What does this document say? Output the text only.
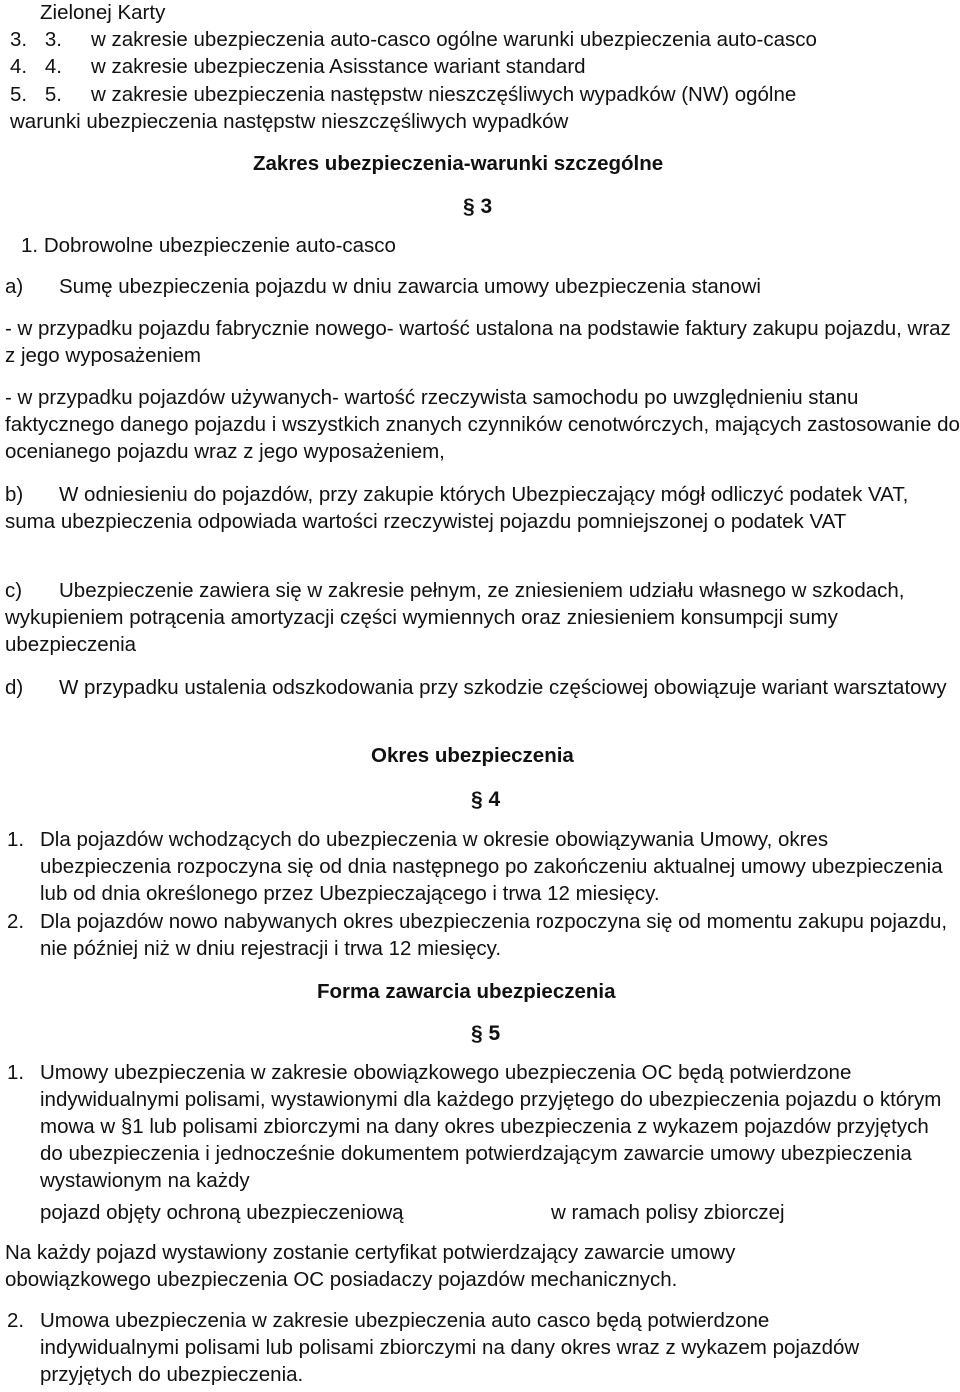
Zielonej Karty
3. 3. w zakresie ubezpieczenia auto-casco ogólne warunki ubezpieczenia auto-casco
4. 4. w zakresie ubezpieczenia Asisstance wariant standard
5. 5. w zakresie ubezpieczenia następstw nieszczęśliwych wypadków (NW) ogólne
warunki ubezpieczenia następstw nieszczęśliwych wypadków
Zakres ubezpieczenia-warunki szczególne
§ 3
1. Dobrowolne ubezpieczenie auto-casco
a) Sumę ubezpieczenia pojazdu w dniu zawarcia umowy ubezpieczenia stanowi
- w przypadku pojazdu fabrycznie nowego- wartość ustalona na podstawie faktury zakupu pojazdu, wraz z jego wyposażeniem
- w przypadku pojazdów używanych- wartość rzeczywista samochodu po uwzględnieniu stanu faktycznego danego pojazdu i wszystkich znanych czynników cenotwórczych, mających zastosowanie do ocenianego pojazdu wraz z jego wyposażeniem,
b) W odniesieniu do pojazdów, przy zakupie których Ubezpieczający mógł odliczyć podatek VAT, suma ubezpieczenia odpowiada wartości rzeczywistej pojazdu pomniejszonej o podatek VAT
c) Ubezpieczenie zawiera się w zakresie pełnym, ze zniesieniem udziału własnego w szkodach, wykupieniem potrącenia amortyzacji części wymiennych oraz zniesieniem konsumpcji sumy ubezpieczenia
d) W przypadku ustalenia odszkodowania przy szkodzie częściowej obowiązuje wariant warsztatowy
Okres ubezpieczenia
§ 4
1. Dla pojazdów wchodzących do ubezpieczenia w okresie obowiązywania Umowy, okres ubezpieczenia rozpoczyna się od dnia następnego po zakończeniu aktualnej umowy ubezpieczenia lub od dnia określonego przez Ubezpieczającego i trwa 12 miesięcy.
2. Dla pojazdów nowo nabywanych okres ubezpieczenia rozpoczyna się od momentu zakupu pojazdu, nie później niż w dniu rejestracji i trwa 12 miesięcy.
Forma zawarcia ubezpieczenia
§ 5
1. Umowy ubezpieczenia w zakresie obowiązkowego ubezpieczenia OC będą potwierdzone indywidualnymi polisami, wystawionymi dla każdego przyjętego do ubezpieczenia pojazdu o którym mowa w §1 lub polisami zbiorczymi na dany okres ubezpieczenia z wykazem pojazdów przyjętych do ubezpieczenia i jednocześnie dokumentem potwierdzającym zawarcie umowy ubezpieczenia wystawionym na każdy
pojazd objęty ochroną ubezpieczeniową	w ramach polisy zbiorczej
Na każdy pojazd wystawiony zostanie certyfikat potwierdzający zawarcie umowy obowiązkowego ubezpieczenia OC posiadaczy pojazdów mechanicznych.
2. Umowa ubezpieczenia w zakresie ubezpieczenia auto casco będą potwierdzone indywidualnymi polisami lub polisami zbiorczymi na dany okres wraz z wykazem pojazdów przyjętych do ubezpieczenia.
